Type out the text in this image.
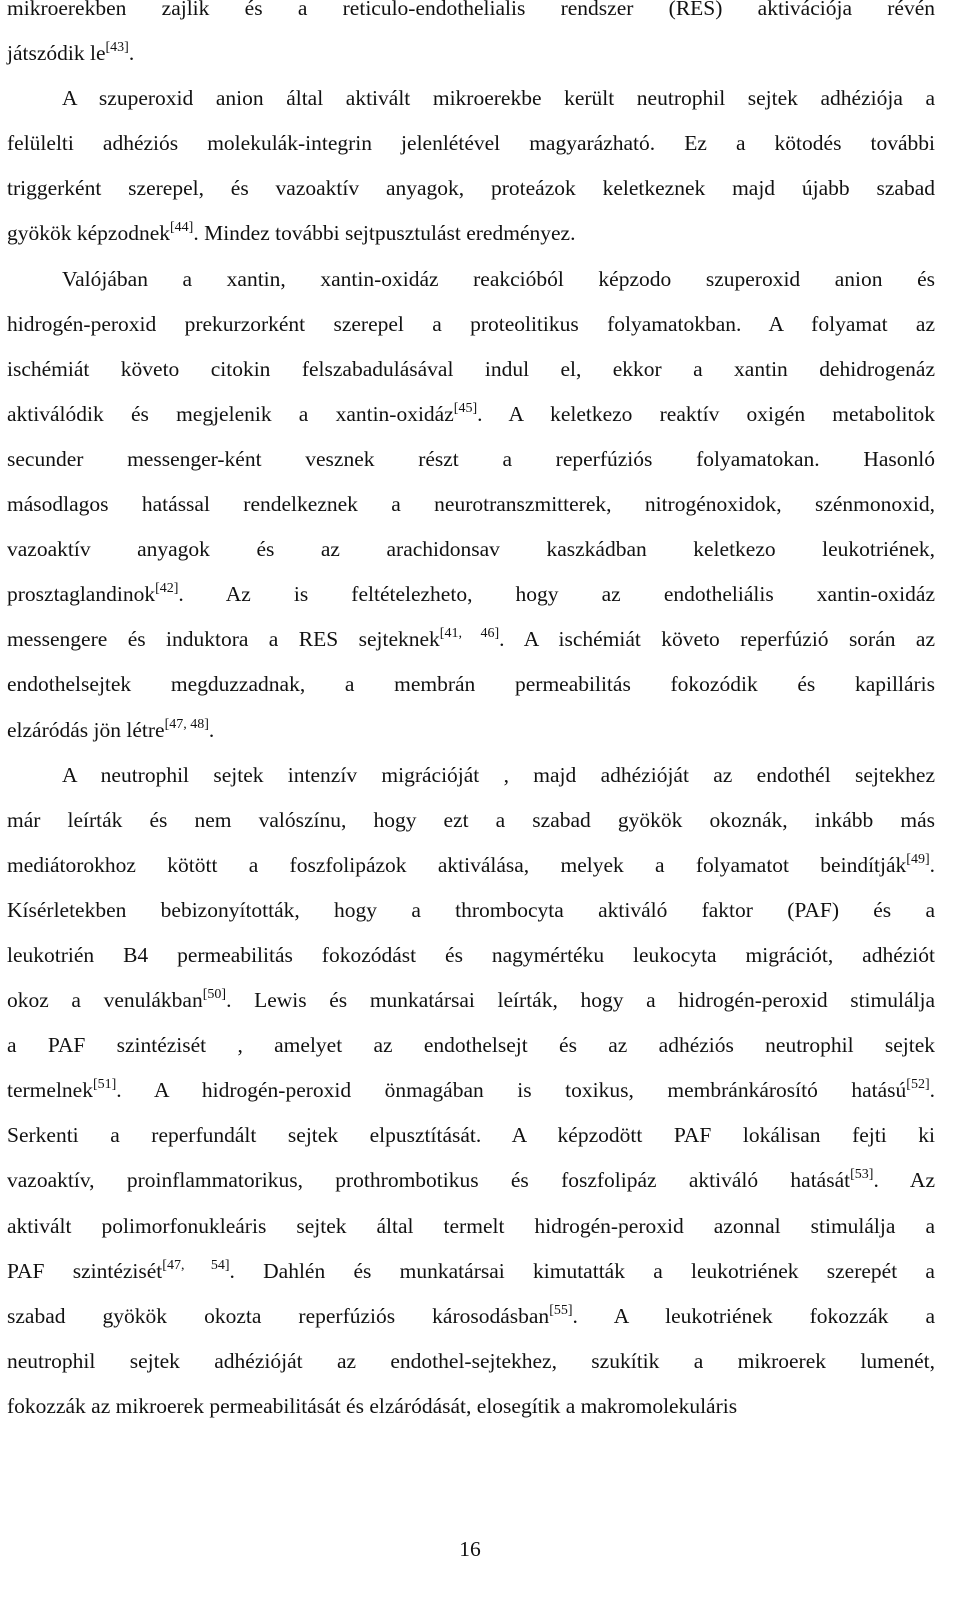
mikroerekben zajlik és a reticulo-endothelialis rendszer (RES) aktivációja révén
játszódik le[43].
A szuperoxid anion által aktivált mikroerekbe került neutrophil sejtek adhéziója a
felülelti adhéziós molekulák-integrin jelenlétével magyarázható. Ez a kötodés további
triggerként szerepel, és vazoaktív anyagok, proteázok keletkeznek majd újabb szabad
gyökök képzodnek[44]. Mindez további sejtpusztulást eredményez.
Valójában a xantin, xantin-oxidáz reakcióból képzodo szuperoxid anion és
hidrogén-peroxid prekurzorként szerepel a proteolitikus folyamatokban. A folyamat az
ischémiát követo citokin felszabadulásával indul el, ekkor a xantin dehidrogenáz
aktiválódik és megjelenik a xantin-oxidáz[45]. A keletkezo reaktív oxigén metabolitok
secunder messenger-ként vesznek részt a reperfúziós folyamatokan. Hasonló
másodlagos hatással rendelkeznek a neurotranszmitterek, nitrogénoxidok, szénmonoxid,
vazoaktív anyagok és az arachidonsav kaszkádban keletkezo leukotriének,
prosztaglandinok[42]. Az is feltételezheto, hogy az endotheliális xantin-oxidáz
messengere és induktora a RES sejteknek[41, 46]. A ischémiát követo reperfúzió során az
endothelsejtek megduzzadnak, a membrán permeabilitás fokozódik és kapilláris
elzáródás jön létre[47, 48].
A neutrophil sejtek intenzív migrációját , majd adhézióját az endothél sejtekhez
már leírták és nem valószínu, hogy ezt a szabad gyökök okoznák, inkább más
mediátorokhoz kötött a foszfolipázok aktiválása, melyek a folyamatot beindítják[49].
Kísérletekben bebizonyították, hogy a thrombocyta aktiváló faktor (PAF) és a
leukotrién B4 permeabilitás fokozódást és nagymértéku leukocyta migrációt, adhéziót
okoz a venulákban[50]. Lewis és munkatársai leírták, hogy a hidrogén-peroxid stimulálja
a PAF szintézisét , amelyet az endothelsejt és az adhéziós neutrophil sejtek
termelnek[51]. A hidrogén-peroxid önmagában is toxikus, membránkárosító hatású[52].
Serkenti a reperfundált sejtek elpusztítását. A képzodött PAF lokálisan fejti ki
vazoaktív, proinflammatorikus, prothrombotikus és foszfolipáz aktiváló hatását[53]. Az
aktivált polimorfonukleáris sejtek által termelt hidrogén-peroxid azonnal stimulálja a
PAF szintézisét[47, 54]. Dahlén és munkatársai kimutatták a leukotriének szerepét a
szabad gyökök okozta reperfúziós károsodásban[55]. A leukotriének fokozzák a
neutrophil sejtek adhézióját az endothel-sejtekhez, szukítik a mikroerek lumenét,
fokozzák az mikroerek permeabilitását és elzáródását, elosegítik a makromolekuláris
16
